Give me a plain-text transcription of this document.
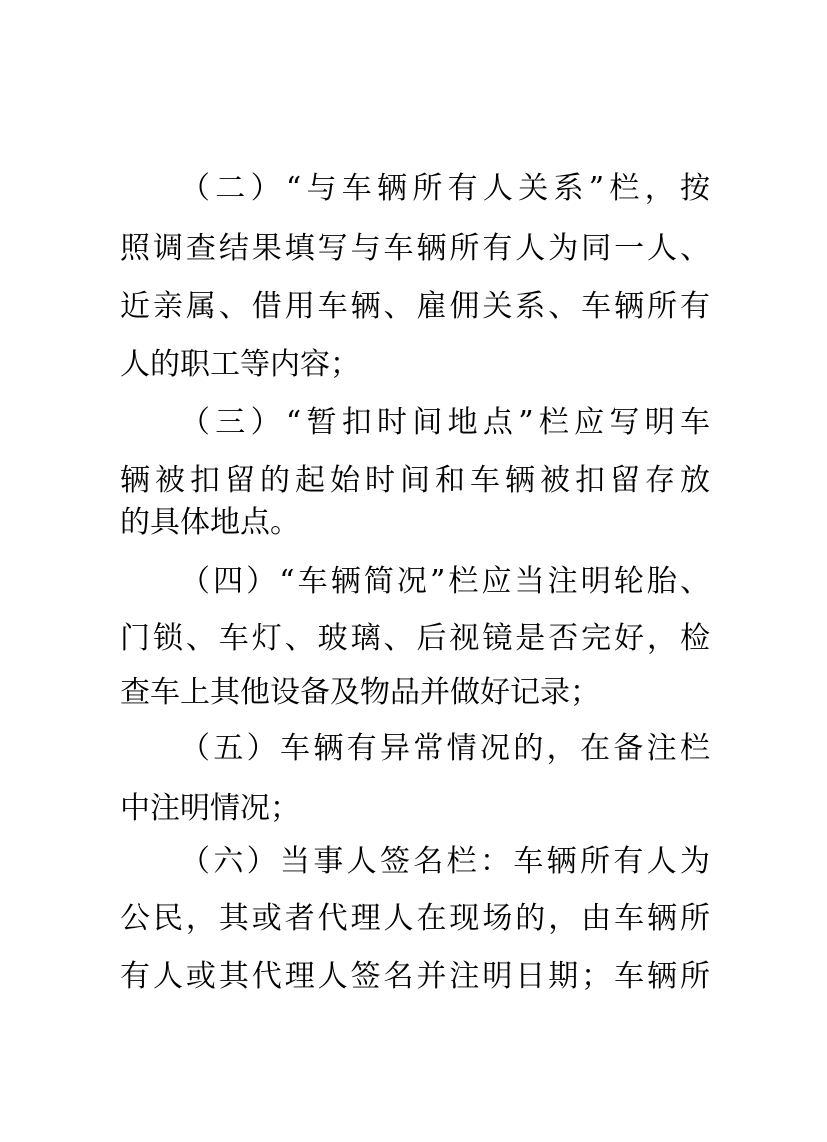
（二）“与车辆所有人关系”栏，按
照调查结果填写与车辆所有人为同一人、
近亲属、借用车辆、雇佣关系、车辆所有
人的职工等内容；
（三）“暂扣时间地点”栏应写明车
辆被扣留的起始时间和车辆被扣留存放
的具体地点。
（四）“车辆简况”栏应当注明轮胎、
门锁、车灯、玻璃、后视镜是否完好，检
查车上其他设备及物品并做好记录；
（五）车辆有异常情况的，在备注栏
中注明情况；
（六）当事人签名栏：车辆所有人为
公民，其或者代理人在现场的，由车辆所
有人或其代理人签名并注明日期；车辆所
